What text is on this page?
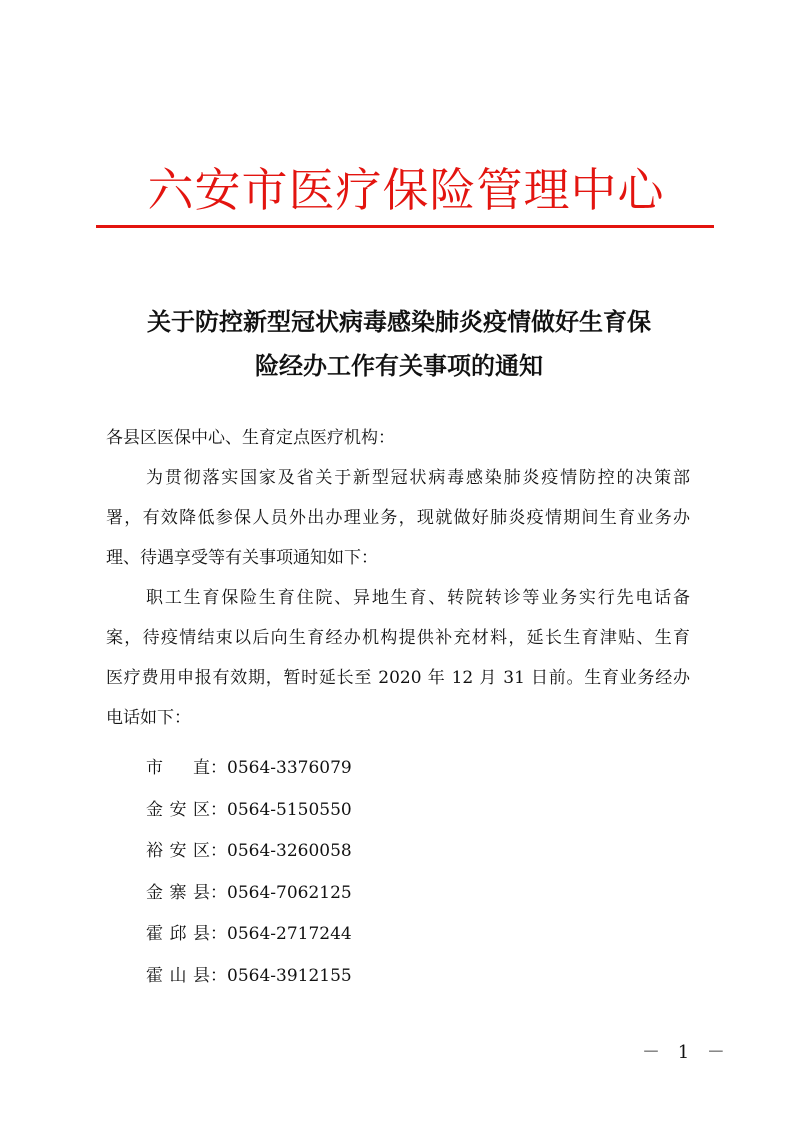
六安市医疗保险管理中心
关于防控新型冠状病毒感染肺炎疫情做好生育保
险经办工作有关事项的通知

各县区医保中心、生育定点医疗机构：

为贯彻落实国家及省关于新型冠状病毒感染肺炎疫情防控的决策部
署，有效降低参保人员外出办理业务，现就做好肺炎疫情期间生育业务办
理、待遇享受等有关事项通知如下：

职工生育保险生育住院、异地生育、转院转诊等业务实行先电话备
案，待疫情结束以后向生育经办机构提供补充材料，延长生育津贴、生育
医疗费用申报有效期，暂时延长至 2020 年 12 月 31 日前。生育业务经办
电话如下：

市直：0564-3376079
金安区：0564-5150550
裕安区：0564-3260058
金寨县：0564-7062125
霍邱县：0564-2717244
霍山县：0564-3912155

－ 1 －
